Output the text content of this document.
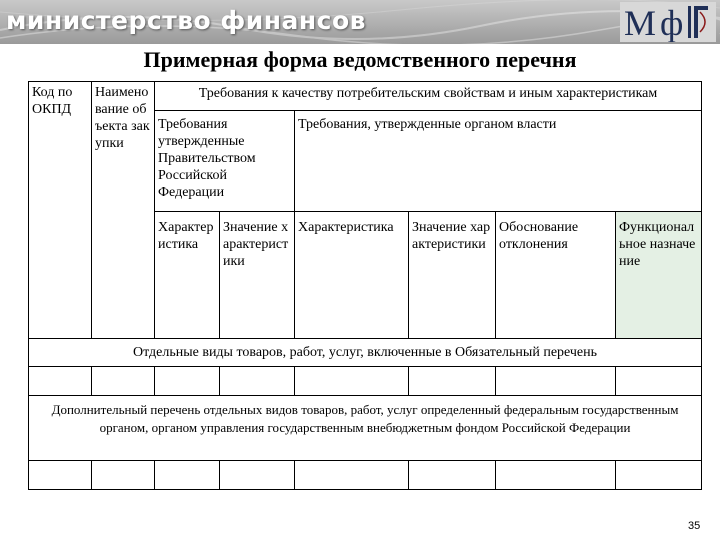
министерство финансов	М ф
Примерная форма ведомственного перечня
Код по ОКПД
Наименование объекта закупки
Требования к качеству потребительским свойствам и иным характеристикам
Требования утвержденные Правительством Российской Федерации
Требования, утвержденные органом власти
Характеристика
Значение характеристики
Характеристика	Значение характеристики
Обоснование отклонения
Функциональное назначение
Отдельные виды товаров, работ, услуг, включенные в Обязательный перечень
Дополнительный перечень отдельных видов товаров, работ, услуг определенный федеральным государственным органом, органом управления государственным внебюджетным фондом Российской Федерации
35
